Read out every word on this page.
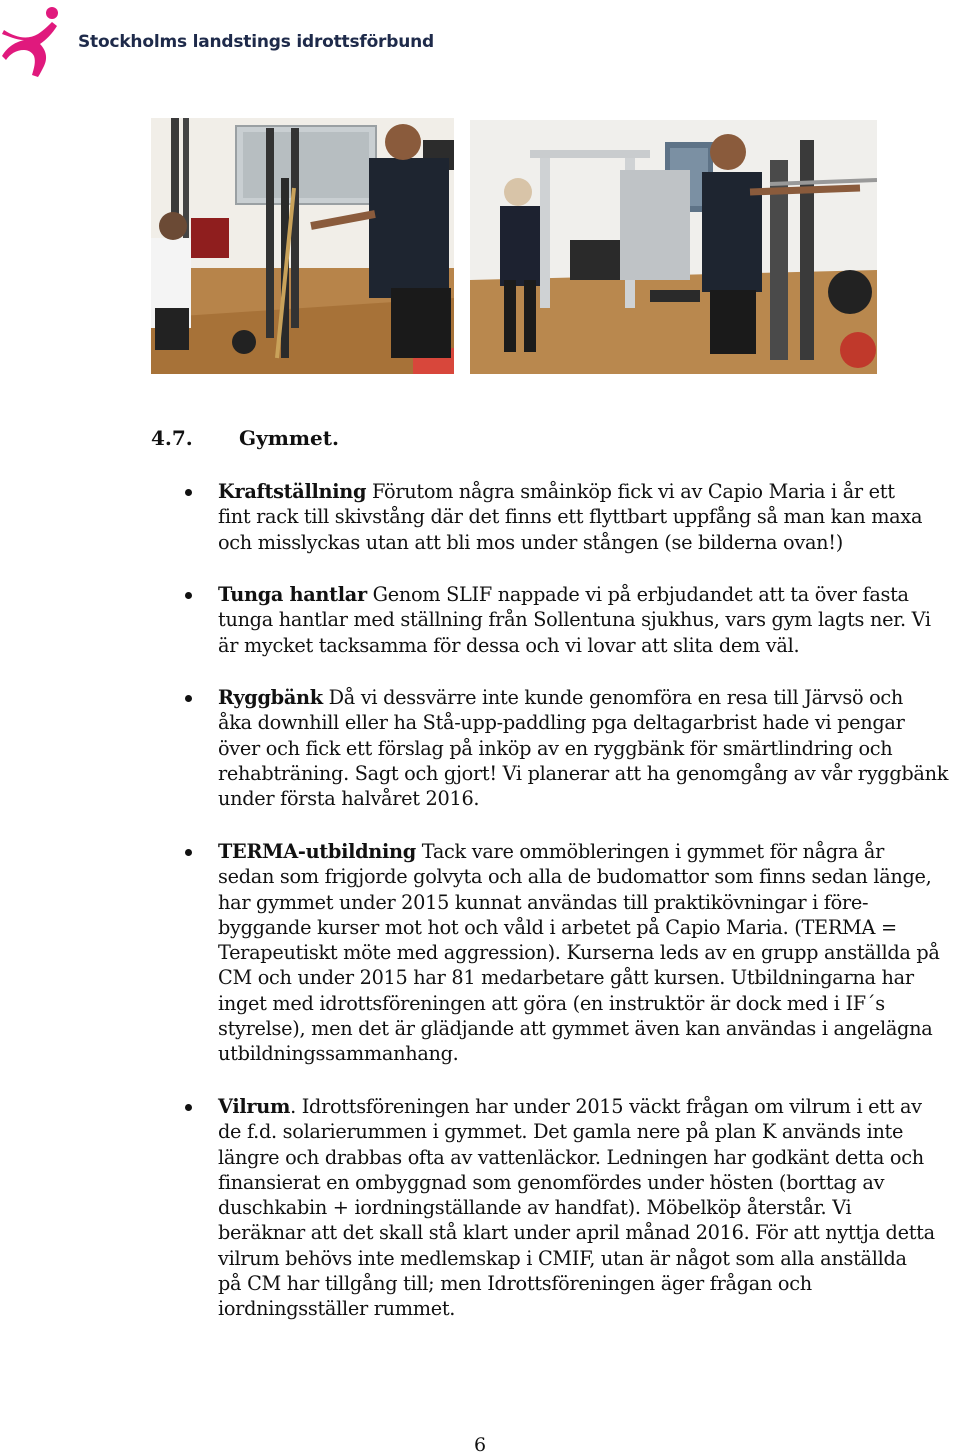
Stockholms landstings idrottsförbund
4.7. Gymmet.
Kraftställning Förutom några småinköp fick vi av Capio Maria i år ett
fint rack till skivstång där det finns ett flyttbart uppfång så man kan maxa
och misslyckas utan att bli mos under stången (se bilderna ovan!)
Tunga hantlar Genom SLIF nappade vi på erbjudandet att ta över fasta
tunga hantlar med ställning från Sollentuna sjukhus, vars gym lagts ner. Vi
är mycket tacksamma för dessa och vi lovar att slita dem väl.
Ryggbänk Då vi dessvärre inte kunde genomföra en resa till Järvsö och
åka downhill eller ha Stå-upp-paddling pga deltagarbrist hade vi pengar
över och fick ett förslag på inköp av en ryggbänk för smärtlindring och
rehabträning. Sagt och gjort! Vi planerar att ha genomgång av vår ryggbänk
under första halvåret 2016.
TERMA-utbildning Tack vare ommöbleringen i gymmet för några år
sedan som frigjorde golvyta och alla de budomattor som finns sedan länge,
har gymmet under 2015 kunnat användas till praktikövningar i före-
byggande kurser mot hot och våld i arbetet på Capio Maria. (TERMA =
Terapeutiskt möte med aggression). Kurserna leds av en grupp anställda på
CM och under 2015 har 81 medarbetare gått kursen. Utbildningarna har
inget med idrottsföreningen att göra (en instruktör är dock med i IF´s
styrelse), men det är glädjande att gymmet även kan användas i angelägna
utbildningssammanhang.
Vilrum. Idrottsföreningen har under 2015 väckt frågan om vilrum i ett av
de f.d. solarierummen i gymmet. Det gamla nere på plan K används inte
längre och drabbas ofta av vattenläckor. Ledningen har godkänt detta och
finansierat en ombyggnad som genomfördes under hösten (borttag av
duschkabin + iordningställande av handfat). Möbelköp återstår. Vi
beräknar att det skall stå klart under april månad 2016. För att nyttja detta
vilrum behövs inte medlemskap i CMIF, utan är något som alla anställda
på CM har tillgång till; men Idrottsföreningen äger frågan och
iordningsställer rummet.
6
